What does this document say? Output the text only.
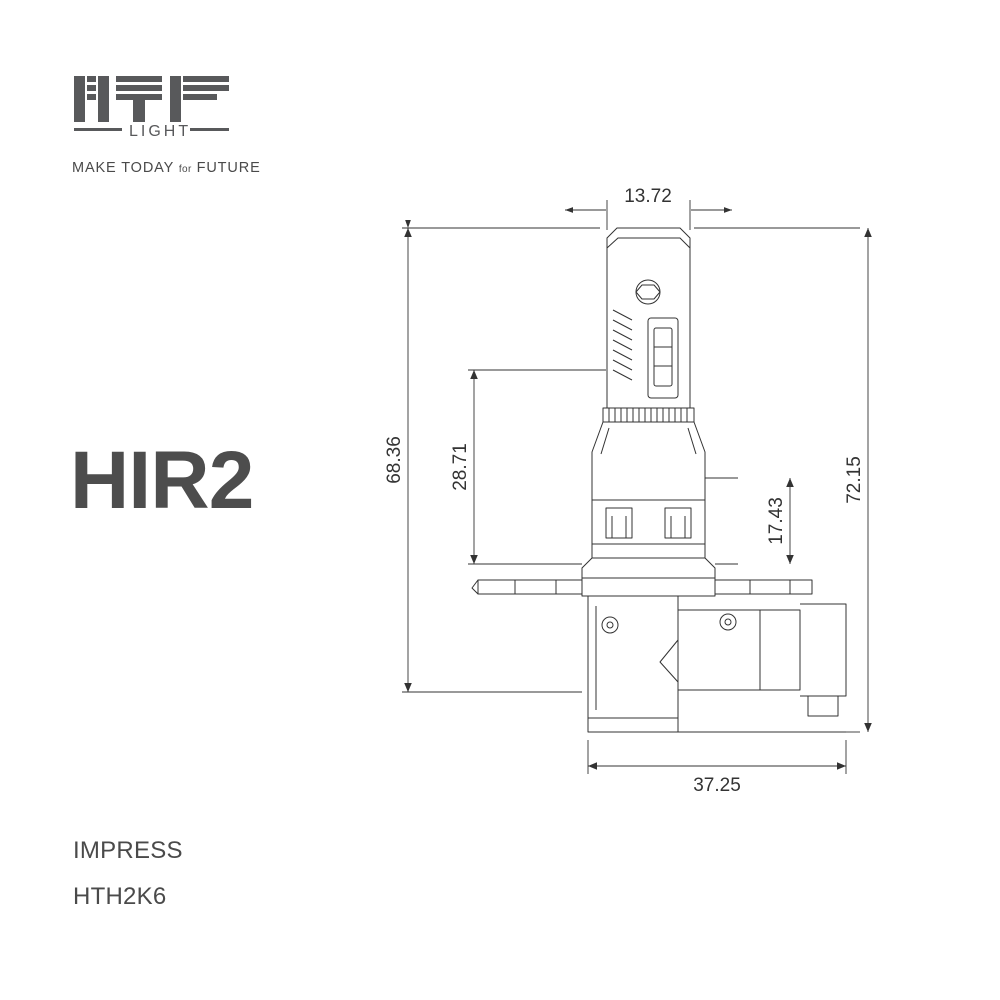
LIGHT
MAKE TODAY for FUTURE
HIR2
IMPRESS
HTH2K6
13.72
68.36 28.71
17.43
72.15
37.25
